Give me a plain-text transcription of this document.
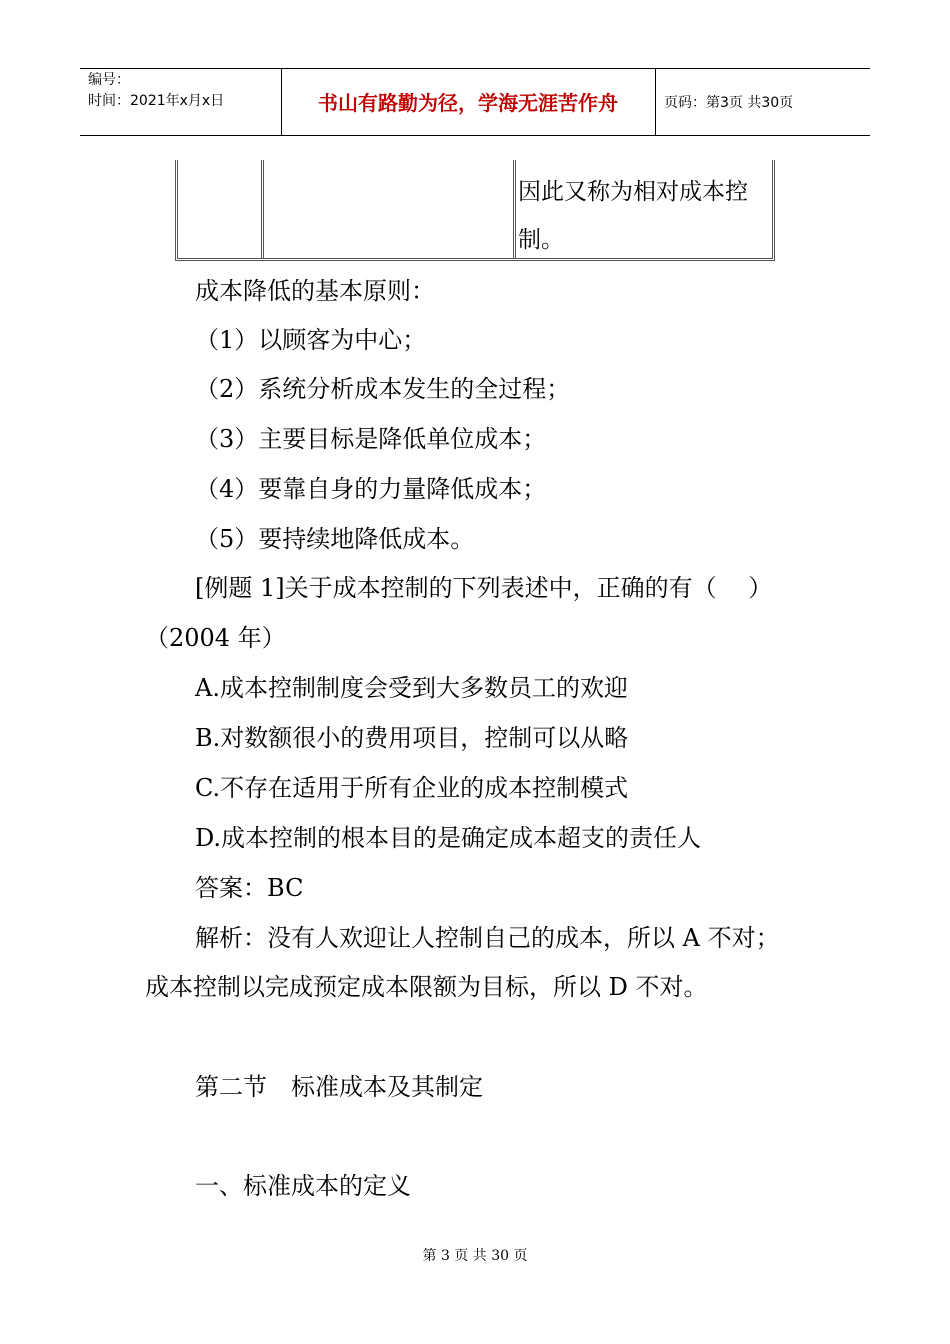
编号：
时间：2021年x月x日	书山有路勤为径，学海无涯苦作舟	页码：第3页 共30页
因此又称为相对成本控
制。
成本降低的基本原则：
（1）以顾客为中心；
（2）系统分析成本发生的全过程；
（3）主要目标是降低单位成本；
（4）要靠自身的力量降低成本；
（5）要持续地降低成本。
[例题 1]关于成本控制的下列表述中，正确的有（　 ）
（2004 年）
A.成本控制制度会受到大多数员工的欢迎
B.对数额很小的费用项目，控制可以从略
C.不存在适用于所有企业的成本控制模式
D.成本控制的根本目的是确定成本超支的责任人
答案：BC
解析：没有人欢迎让人控制自己的成本，所以 A 不对；
成本控制以完成预定成本限额为目标，所以 D 不对。
第二节　标准成本及其制定
一、标准成本的定义
第 3 页 共 30 页
